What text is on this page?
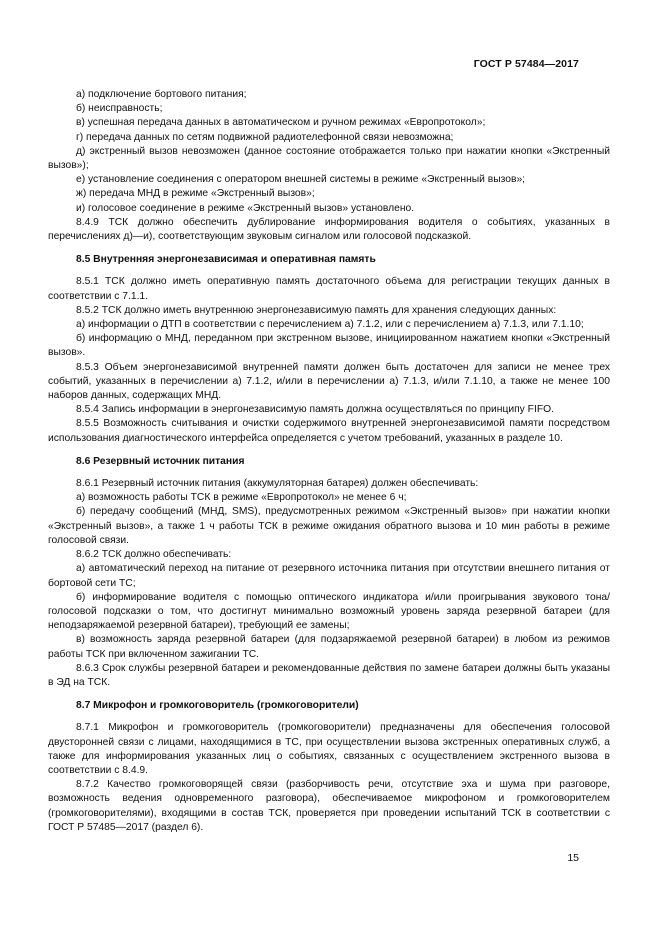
ГОСТ Р 57484—2017

а) подключение бортового питания;

б) неисправность;

в) успешная передача данных в автоматическом и ручном режимах «Европротокол»;

г) передача данных по сетям подвижной радиотелефонной связи невозможна;

д) экстренный вызов невозможен (данное состояние отображается только при нажатии кнопки «Экстренный вызов»);

е) установление соединения с оператором внешней системы в режиме «Экстренный вызов»;

ж) передача МНД в режиме «Экстренный вызов»;

и) голосовое соединение в режиме «Экстренный вызов» установлено.

8.4.9 ТСК должно обеспечить дублирование информирования водителя о событиях, указанных в перечислениях д)—и), соответствующим звуковым сигналом или голосовой подсказкой.

8.5 Внутренняя энергонезависимая и оперативная память

8.5.1 ТСК должно иметь оперативную память достаточного объема для регистрации текущих данных в соответствии с 7.1.1.

8.5.2 ТСК должно иметь внутреннюю энергонезависимую память для хранения следующих данных:

а) информации о ДТП в соответствии с перечислением а) 7.1.2, или с перечислением а) 7.1.3, или 7.1.10;

б) информацию о МНД, переданном при экстренном вызове, инициированном нажатием кнопки «Экстренный вызов».

8.5.3 Объем энергонезависимой внутренней памяти должен быть достаточен для записи не менее трех событий, указанных в перечислении а) 7.1.2, и/или в перечислении а) 7.1.3, и/или 7.1.10, а также не менее 100 наборов данных, содержащих МНД.

8.5.4 Запись информации в энергонезависимую память должна осуществляться по принципу FIFO.

8.5.5 Возможность считывания и очистки содержимого внутренней энергонезависимой памяти посредством использования диагностического интерфейса определяется с учетом требований, указанных в разделе 10.

8.6 Резервный источник питания

8.6.1 Резервный источник питания (аккумуляторная батарея) должен обеспечивать:

а) возможность работы ТСК в режиме «Европротокол» не менее 6 ч;

б) передачу сообщений (МНД, SMS), предусмотренных режимом «Экстренный вызов» при нажатии кнопки «Экстренный вызов», а также 1 ч работы ТСК в режиме ожидания обратного вызова и 10 мин работы в режиме голосовой связи.

8.6.2 ТСК должно обеспечивать:

а) автоматический переход на питание от резервного источника питания при отсутствии внешнего питания от бортовой сети ТС;

б) информирование водителя с помощью оптического индикатора и/или проигрывания звукового тона/голосовой подсказки о том, что достигнут минимально возможный уровень заряда резервной батареи (для неподзаряжаемой резервной батареи), требующий ее замены;

в) возможность заряда резервной батареи (для подзаряжаемой резервной батареи) в любом из режимов работы ТСК при включенном зажигании ТС.

8.6.3 Срок службы резервной батареи и рекомендованные действия по замене батареи должны быть указаны в ЭД на ТСК.

8.7 Микрофон и громкоговоритель (громкоговорители)

8.7.1 Микрофон и громкоговоритель (громкоговорители) предназначены для обеспечения голосовой двусторонней связи с лицами, находящимися в ТС, при осуществлении вызова экстренных оперативных служб, а также для информирования указанных лиц о событиях, связанных с осуществлением экстренного вызова в соответствии с 8.4.9.

8.7.2 Качество громкоговорящей связи (разборчивость речи, отсутствие эха и шума при разговоре, возможность ведения одновременного разговора), обеспечиваемое микрофоном и громкоговорителем (громкоговорителями), входящими в состав ТСК, проверяется при проведении испытаний ТСК в соответствии с ГОСТ Р 57485—2017 (раздел 6).

15
